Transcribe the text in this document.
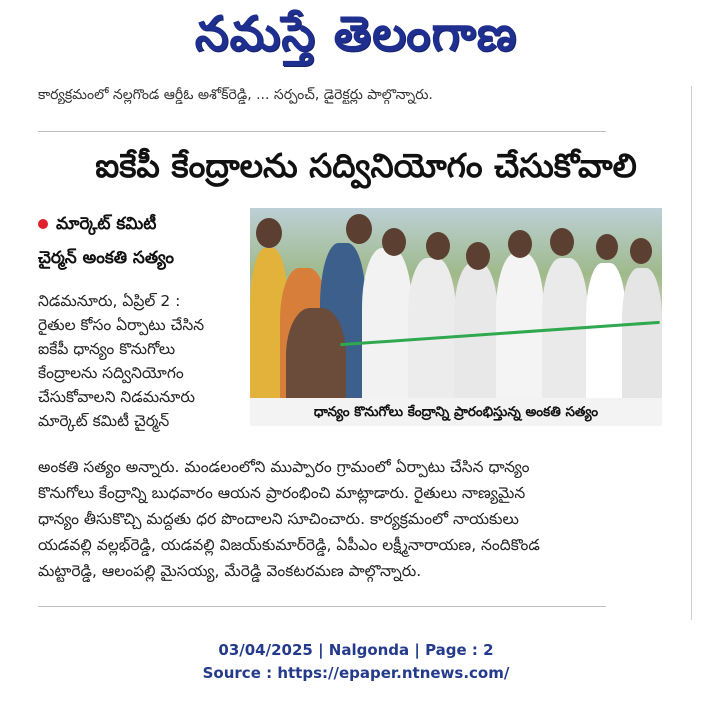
నమస్తే తెలంగాణ
కార్యక్రమంలో నల్లగొండ ఆర్డీఓ అశోక్‌రెడ్డి, ... సర్పంచ్, డైరెక్టర్లు పాల్గొన్నారు.
ఐకేపీ కేంద్రాలను సద్వినియోగం చేసుకోవాలి
మార్కెట్ కమిటీ
చైర్మన్ అంకతి సత్యం
నిడమనూరు, ఏప్రిల్ 2 :
రైతుల కోసం ఏర్పాటు చేసిన
ఐకేపీ ధాన్యం కొనుగోలు
కేంద్రాలను సద్వినియోగం
చేసుకోవాలని నిడమనూరు
మార్కెట్ కమిటీ చైర్మన్	ధాన్యం కొనుగోలు కేంద్రాన్ని ప్రారంభిస్తున్న అంకతి సత్యం
అంకతి సత్యం అన్నారు. మండలంలోని ముప్పారం గ్రామంలో ఏర్పాటు చేసిన ధాన్యం
కొనుగోలు కేంద్రాన్ని బుధవారం ఆయన ప్రారంభించి మాట్లాడారు. రైతులు నాణ్యమైన
ధాన్యం తీసుకొచ్చి మద్దతు ధర పొందాలని సూచించారు. కార్యక్రమంలో నాయకులు
యడవల్లి వల్లభ్‌రెడ్డి, యడవల్లి విజయ్‌కుమార్‌రెడ్డి, ఏపీఎం లక్ష్మీనారాయణ, నందికొండ
మట్టారెడ్డి, ఆలంపల్లి మైసయ్య, మేరెడ్డి వెంకటరమణ పాల్గొన్నారు.
03/04/2025 | Nalgonda | Page : 2
Source : https://epaper.ntnews.com/
